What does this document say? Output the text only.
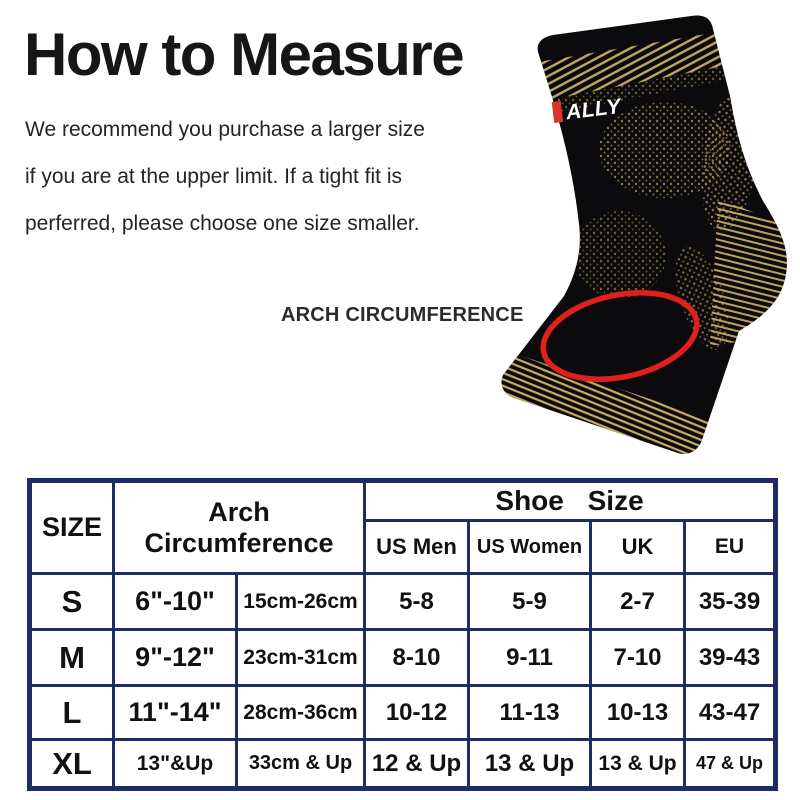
How to Measure
We recommend you purchase a larger size
if you are at the upper limit. If a tight fit is
perferred, please choose one size smaller.
ARCH CIRCUMFERENCE
ALLY
SIZE	Arch Circumference		Shoe Size			
			US Men	US Women	UK	EU
S	6"-10"	15cm-26cm	5-8	5-9	2-7	35-39
M	9"-12"	23cm-31cm	8-10	9-11	7-10	39-43
L	11"-14"	28cm-36cm	10-12	11-13	10-13	43-47
XL	13"&Up	33cm & Up	12 & Up	13 & Up	13 & Up	47 & Up
